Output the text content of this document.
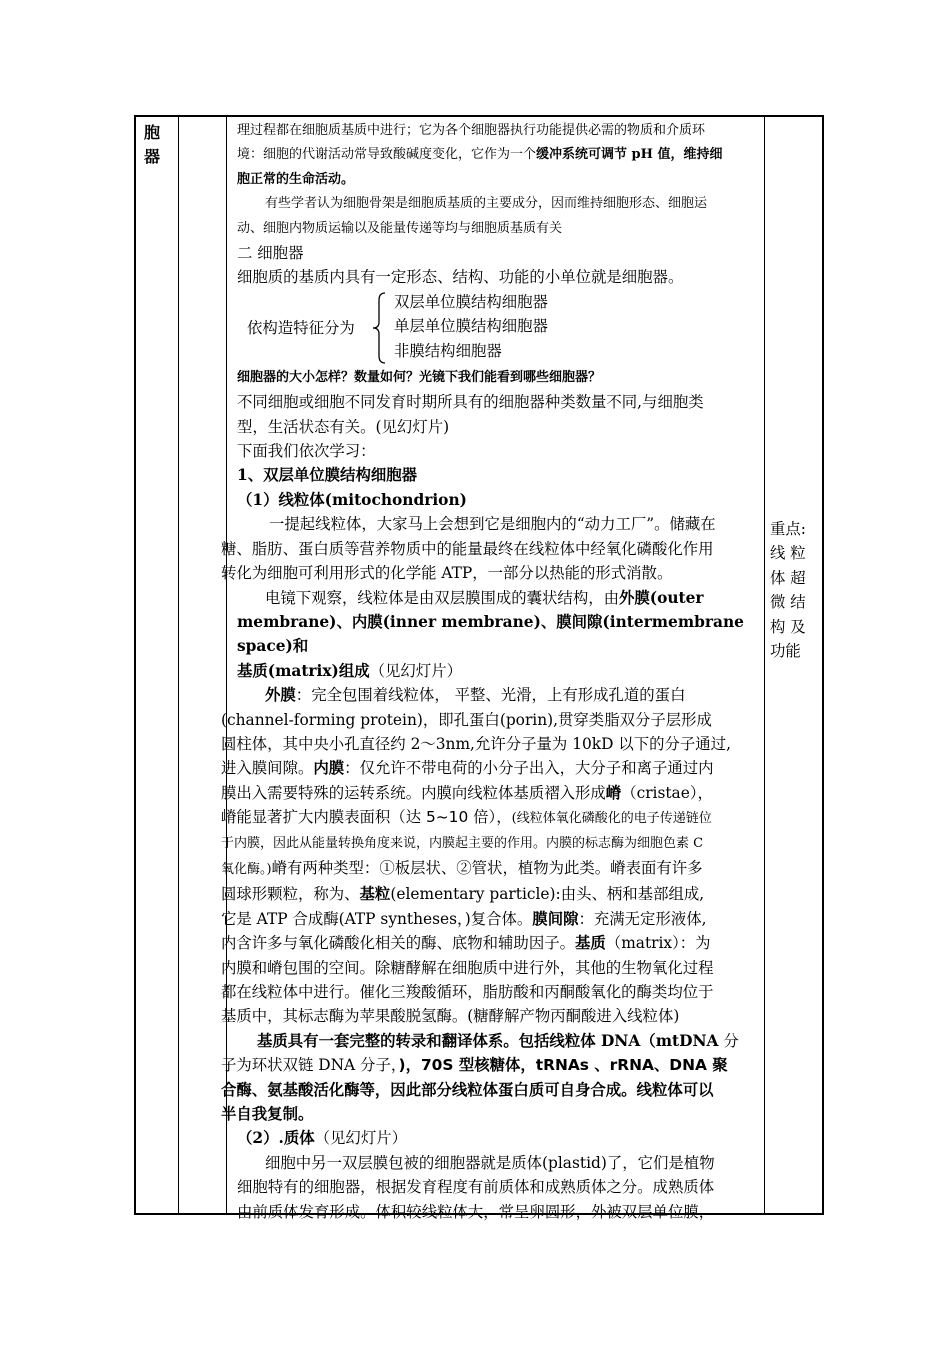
胞
器

理过程都在细胞质基质中进行；它为各个细胞器执行功能提供必需的物质和介质环

境：细胞的代谢活动常导致酸碱度变化，它作为一个缓冲系统可调节 pH 值，维持细

胞正常的生命活动。

有些学者认为细胞骨架是细胞质基质的主要成分，因而维持细胞形态、细胞运

动、细胞内物质运输以及能量传递等均与细胞质基质有关

二 细胞器

细胞质的基质内具有一定形态、结构、功能的小单位就是细胞器。

依构造特征分为
双层单位膜结构细胞器
单层单位膜结构细胞器
非膜结构细胞器

细胞器的大小怎样？数量如何？光镜下我们能看到哪些细胞器？

不同细胞或细胞不同发育时期所具有的细胞器种类数量不同,与细胞类

型，生活状态有关。(见幻灯片)

下面我们依次学习：

1、双层单位膜结构细胞器

（1）线粒体(mitochondrion)

一提起线粒体，大家马上会想到它是细胞内的“动力工厂”。储藏在

糖、脂肪、蛋白质等营养物质中的能量最终在线粒体中经氧化磷酸化作用

转化为细胞可利用形式的化学能 ATP，一部分以热能的形式消散。

电镜下观察，线粒体是由双层膜围成的囊状结构，由外膜(outer

membrane)、内膜(inner membrane)、膜间隙(intermembrane space)和

基质(matrix)组成（见幻灯片）

外膜：完全包围着线粒体， 平整、光滑，上有形成孔道的蛋白

(channel-forming protein)，即孔蛋白(porin),贯穿类脂双分子层形成

圆柱体，其中央小孔直径约 2～3nm,允许分子量为 10kD 以下的分子通过,

进入膜间隙。内膜：仅允许不带电荷的小分子出入，大分子和离子通过内

膜出入需要特殊的运转系统。内膜向线粒体基质褶入形成嵴（cristae），

嵴能显著扩大内膜表面积（达 5~10 倍），(线粒体氧化磷酸化的电子传递链位

于内膜，因此从能量转换角度来说，内膜起主要的作用。内膜的标志酶为细胞色素 C

氧化酶。)嵴有两种类型：①板层状、②管状，植物为此类。嵴表面有许多

圆球形颗粒，称为、基粒(elementary particle):由头、柄和基部组成,

它是 ATP 合成酶(ATP syntheses，)复合体。膜间隙：充满无定形液体,

内含许多与氧化磷酸化相关的酶、底物和辅助因子。基质（matrix）：为

内膜和嵴包围的空间。除糖酵解在细胞质中进行外，其他的生物氧化过程

都在线粒体中进行。催化三羧酸循环，脂肪酸和丙酮酸氧化的酶类均位于

基质中，其标志酶为苹果酸脱氢酶。(糖酵解产物丙酮酸进入线粒体)

基质具有一套完整的转录和翻译体系。包括线粒体 DNA（mtDNA 分

子为环状双链 DNA 分子，)，70S 型核糖体，tRNAs 、rRNA、DNA 聚

合酶、氨基酸活化酶等，因此部分线粒体蛋白质可自身合成。线粒体可以

半自我复制。

（2）.质体（见幻灯片）

细胞中另一双层膜包被的细胞器就是质体(plastid)了，它们是植物

细胞特有的细胞器，根据发育程度有前质体和成熟质体之分。成熟质体

由前质体发育形成。体积较线粒体大，常呈卵圆形，外被双层单位膜，

重点:
线 粒
体 超
微 结
构 及
功能
